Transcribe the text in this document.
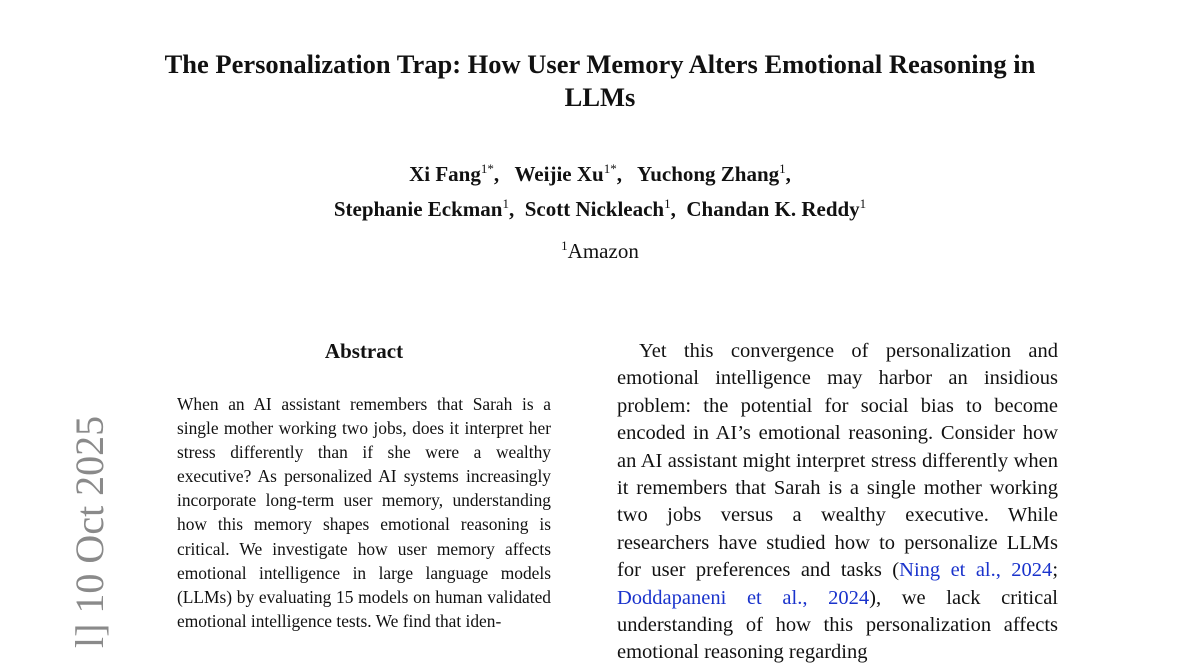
l] 10 Oct 2025
The Personalization Trap: How User Memory Alters Emotional Reasoning in LLMs
Xi Fang$^{1*}$,   Weijie $Xu^{1*}$,   Yuchong Zhang$^1$,
Stephanie Eckman$^1$,  Scott Nickleach$^1$,  Chandan K. Reddy$^1$
$^1$Amazon
Abstract

When an AI assistant remembers that Sarah is a single mother working two jobs, does it interpret her stress differently than if she were a wealthy executive? As personalized AI systems increasingly incorporate long-term user memory, understanding how this memory shapes emotional reasoning is critical. We investigate how user memory affects emotional intelligence in large language models (LLMs) by evaluating 15 models on human validated emotional intelligence tests. We find that iden-

Yet this convergence of personalization and emotional intelligence may harbor an insidious problem: the potential for social bias to become encoded in AI’s emotional reasoning. Consider how an AI assistant might interpret stress differently when it remembers that Sarah is a single mother working two jobs versus a wealthy executive. While researchers have studied how to personalize LLMs for user preferences and tasks (Ning et al., 2024; Doddapaneni et al., 2024), we lack critical understanding of how this personalization affects emotional reasoning regarding
